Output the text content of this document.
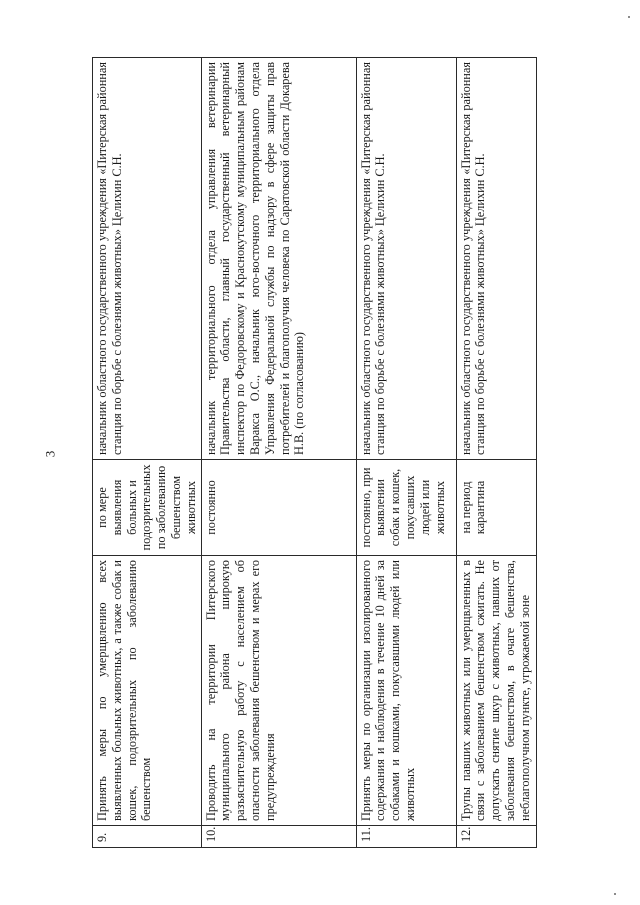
3
9.	Принять меры по умерщвлению всех выявленных больных животных, а также собак и кошек, подозрительных по заболеванию бешенством	по мере выявления больных и подозрительных по заболеванию бешенством животных	начальник областного государственного учреждения «Питерская районная станция по борьбе с болезнями животных» Целихин С.Н.
10.	Проводить на территории Питерского муниципального района широкую разъяснительную работу с населением об опасности заболевания бешенством и мерах его предупреждения	постоянно	начальник территориального отдела управления ветеринарии Правительства области, главный государственный ветеринарный инспектор по Федоровскому и Краснокутскому муниципальным районам Варакса О.С., начальник юго-восточного территориального отдела Управления Федеральной службы по надзору в сфере защиты прав потребителей и благополучия человека по Саратовской области Докарева Н.В. (по согласованию)
11.	Принять меры по организации изолированного содержания и наблюдения в течение 10 дней за собаками и кошками, покусавшими людей или животных	постоянно, при выявлении собак и кошек, покусавших людей или животных	начальник областного государственного учреждения «Питерская районная станция по борьбе с болезнями животных» Целихин С.Н.
12.	Трупы павших животных или умерщвленных в связи с заболеванием бешенством сжигать. Не допускать снятие шкур с животных, павших от заболевания бешенством, в очаге бешенства, неблагополучном пункте, угрожаемой зоне	на период карантина	начальник областного государственного учреждения «Питерская районная станция по борьбе с болезнями животных» Целихин С.Н.
